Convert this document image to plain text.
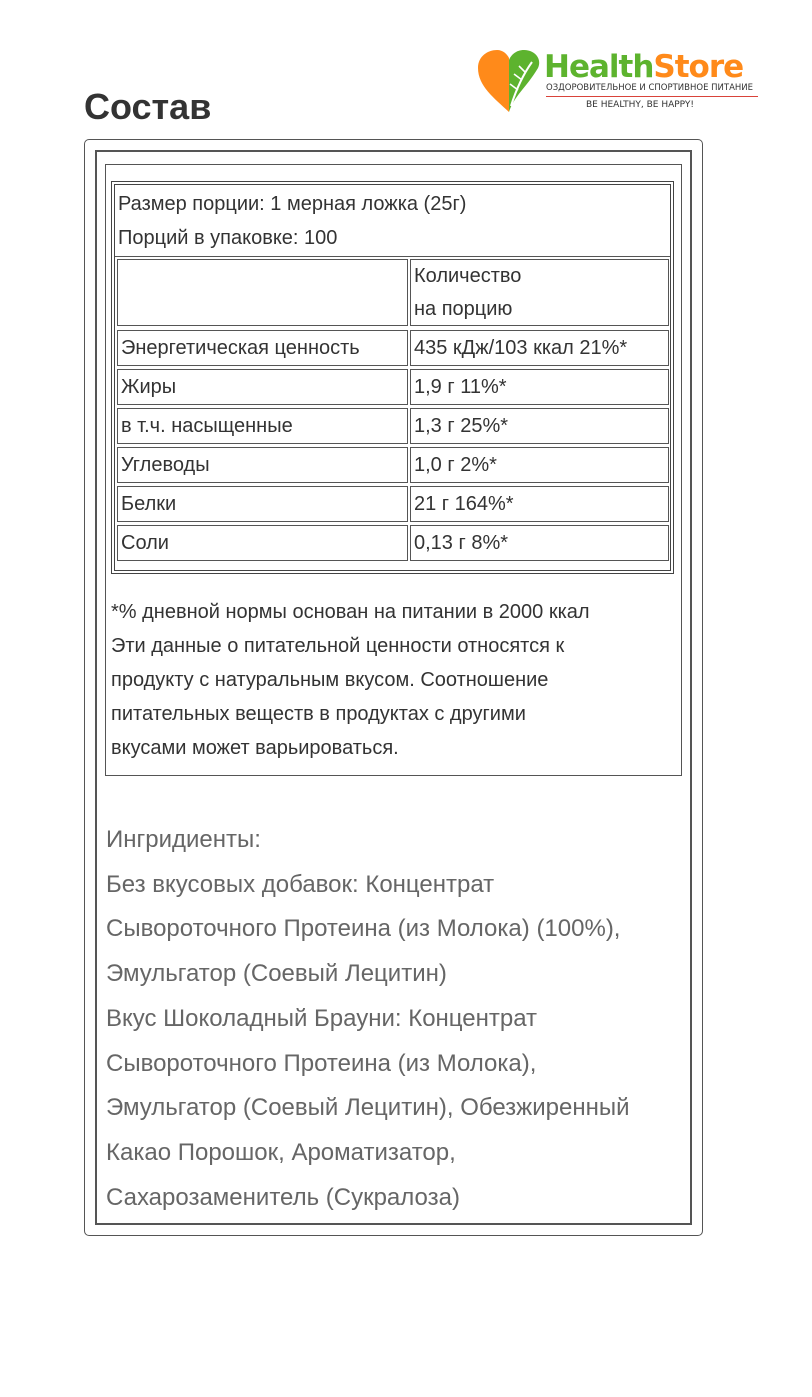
Состав
HealthStore
ОЗДОРОВИТЕЛЬНОЕ И СПОРТИВНОЕ ПИТАНИЕ
BE HEALTHY, BE HAPPY!
Размер порции: 1 мерная ложка (25г)
Порций в упаковке: 100
Количество
на порцию
Энергетическая ценность	435 кДж/103 ккал 21%*
Жиры	1,9 г 11%*
в т.ч. насыщенные	1,3 г 25%*
Углеводы	1,0 г 2%*
Белки	21 г 164%*
Соли	0,13 г 8%*
*% дневной нормы основан на питании в 2000 ккал
Эти данные о питательной ценности относятся к
продукту с натуральным вкусом. Соотношение
питательных веществ в продуктах с другими
вкусами может варьироваться.
Ингридиенты:
Без вкусовых добавок: Концентрат
Сывороточного Протеина (из Молока) (100%),
Эмульгатор (Соевый Лецитин)
Вкус Шоколадный Брауни: Концентрат
Сывороточного Протеина (из Молока),
Эмульгатор (Соевый Лецитин), Обезжиренный
Какао Порошок, Ароматизатор,
Сахарозаменитель (Сукралоза)
